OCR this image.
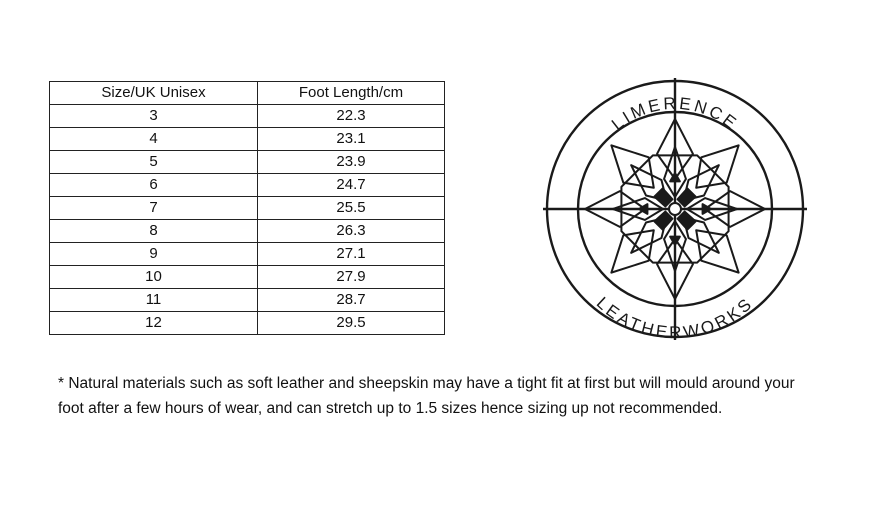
Size/UK Unisex	Foot Length/cm
3	22.3
4	23.1
5	23.9
6	24.7
7	25.5
8	26.3
9	27.1
10	27.9
11	28.7
12	29.5
LIMERENCE
LEATHERWORKS
* Natural materials such as soft leather and sheepskin may have a tight fit at first but will mould around your foot after a few hours of wear, and can stretch up to 1.5 sizes hence sizing up not recommended.
